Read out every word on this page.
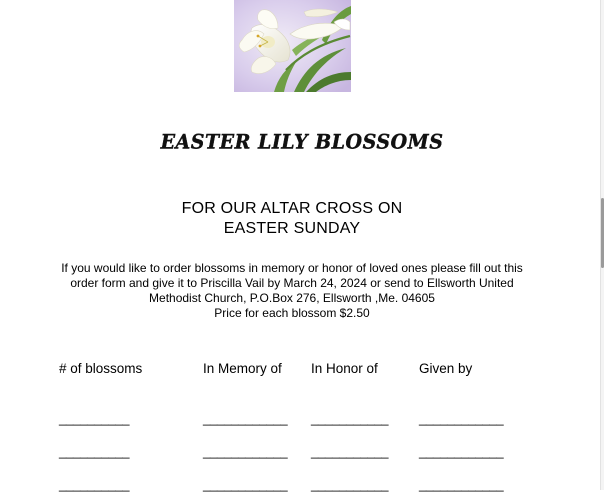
EASTER LILY BLOSSOMS
FOR OUR ALTAR CROSS ON
EASTER SUNDAY
If you would like to order blossoms in memory or honor of loved ones please fill out this
order form and give it to Priscilla Vail by March 24, 2024 or send to Ellsworth United
Methodist Church, P.O.Box 276, Ellsworth ,Me. 04605
Price for each blossom $2.50
# of blossoms	In Memory of In Honor of	Given by
__________	____________ ___________ ____________
__________	____________ ___________ ____________
__________	____________ ___________ ____________
